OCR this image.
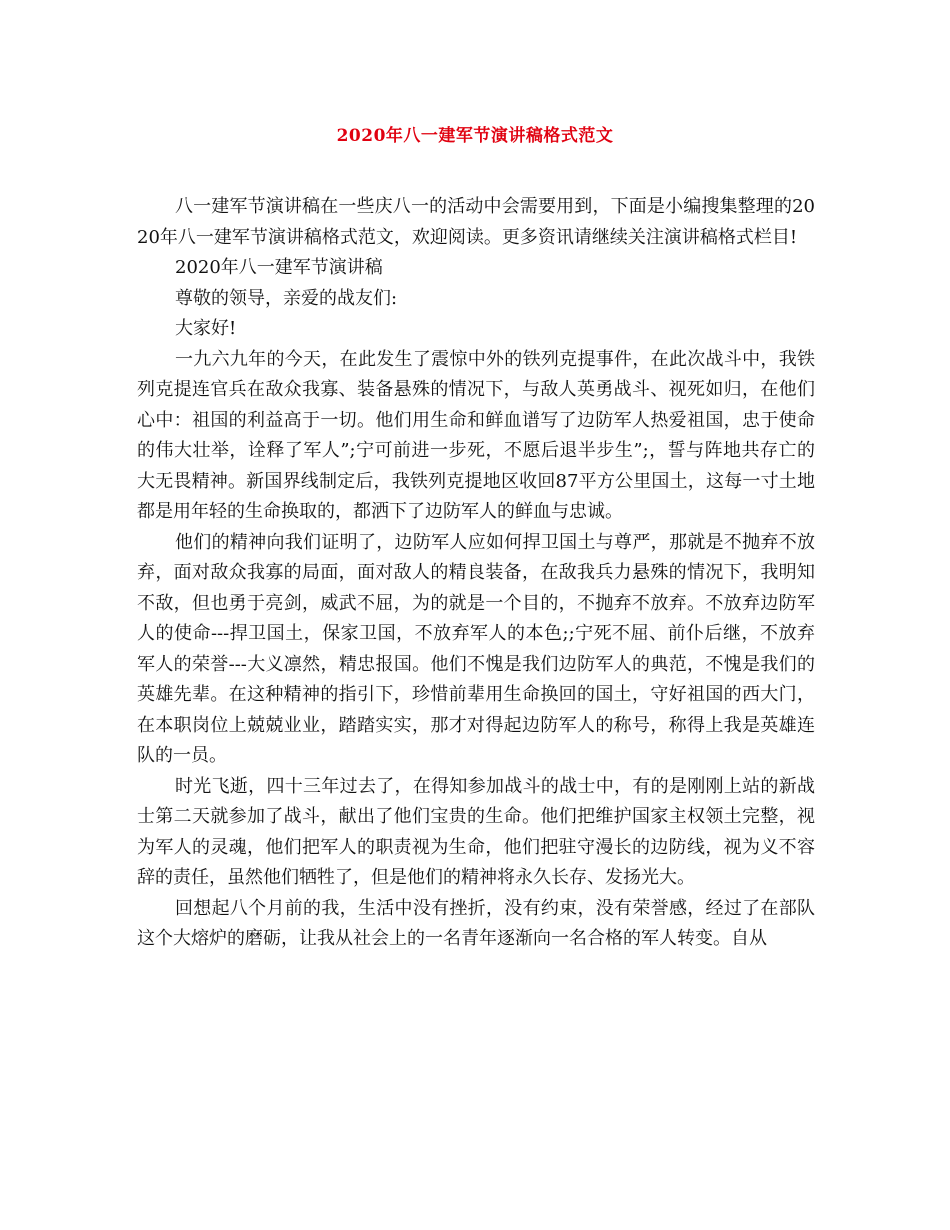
2020年八一建军节演讲稿格式范文

八一建军节演讲稿在一些庆八一的活动中会需要用到，下面是小编搜集整理的2020年八一建军节演讲稿格式范文，欢迎阅读。更多资讯请继续关注演讲稿格式栏目!

2020年八一建军节演讲稿

尊敬的领导，亲爱的战友们:

大家好!

一九六九年的今天，在此发生了震惊中外的铁列克提事件，在此次战斗中，我铁列克提连官兵在敌众我寡、装备悬殊的情况下，与敌人英勇战斗、视死如归，在他们心中：祖国的利益高于一切。他们用生命和鲜血谱写了边防军人热爱祖国，忠于使命的伟大壮举，诠释了军人”;宁可前进一步死，不愿后退半步生”;，誓与阵地共存亡的大无畏精神。新国界线制定后，我铁列克提地区收回87平方公里国土，这每一寸土地都是用年轻的生命换取的，都洒下了边防军人的鲜血与忠诚。

他们的精神向我们证明了，边防军人应如何捍卫国土与尊严，那就是不抛弃不放弃，面对敌众我寡的局面，面对敌人的精良装备，在敌我兵力悬殊的情况下，我明知不敌，但也勇于亮剑，威武不屈，为的就是一个目的，不抛弃不放弃。不放弃边防军人的使命---捍卫国土，保家卫国，不放弃军人的本色;;宁死不屈、前仆后继，不放弃军人的荣誉---大义凛然，精忠报国。他们不愧是我们边防军人的典范，不愧是我们的英雄先辈。在这种精神的指引下，珍惜前辈用生命换回的国土，守好祖国的西大门，在本职岗位上兢兢业业，踏踏实实，那才对得起边防军人的称号，称得上我是英雄连队的一员。

时光飞逝，四十三年过去了，在得知参加战斗的战士中，有的是刚刚上站的新战士第二天就参加了战斗，献出了他们宝贵的生命。他们把维护国家主权领土完整，视为军人的灵魂，他们把军人的职责视为生命，他们把驻守漫长的边防线，视为义不容辞的责任，虽然他们牺牲了，但是他们的精神将永久长存、发扬光大。

回想起八个月前的我，生活中没有挫折，没有约束，没有荣誉感，经过了在部队这个大熔炉的磨砺，让我从社会上的一名青年逐渐向一名合格的军人转变。自从
